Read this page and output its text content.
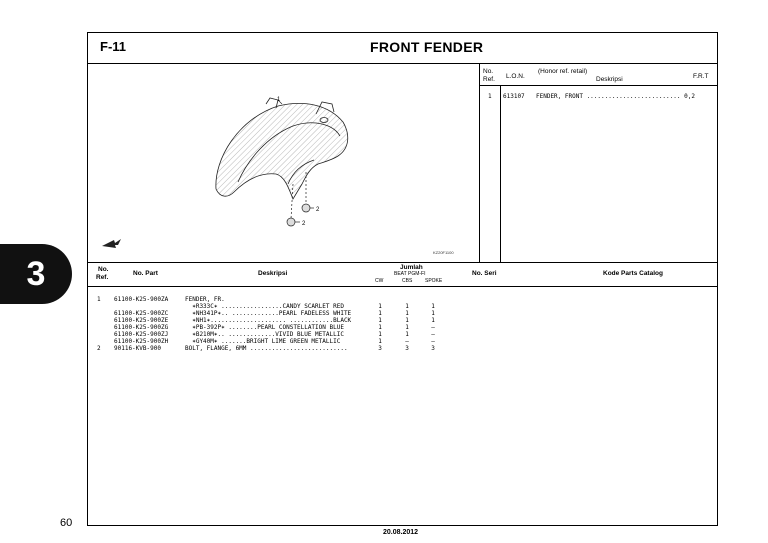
3
F-11	FRONT FENDER
1
2
2
KZ20F1100
No.
Ref. L.O.N.
(Honor ref. retail)
Deskripsi	F.R.T
1 613107 FENDER, FRONT .......................... 0,2
No.
Ref.
No. Part	Deskripsi
Jumlah
BEAT PGM-FI
CW	CBS	SPOKE
No. Seri	Kode Parts Catalog
1 61100-K25-900ZA	FENDER, FR.
✶R333C✶ .................CANDY SCARLET RED	1	1	1
61100-K25-900ZC	✶NH341P✶.. .............PEARL FADELESS WHITE	1	1	1
61100-K25-900ZE	✶NH1✶..................... ............BLACK	1	1	1
61100-K25-900ZG	✶PB-392P✶ ........PEARL CONSTELLATION BLUE	1	1	–
61100-K25-900ZJ	✶B210M✶.. .............VIVID BLUE METALLIC	1	1	–
61100-K25-900ZH	✶GY40M✶ .......BRIGHT LIME GREEN METALLIC	1	–	–
2 90116-KVB-900	BOLT, FLANGE, 6MM ...........................	3	3	3
60
20.08.2012
